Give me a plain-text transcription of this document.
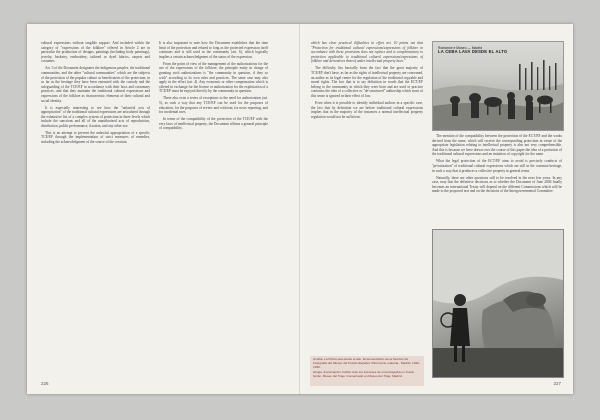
cultural expressions without tangible support. And included within the category of "expressions of the folklore" offered in Article 2 are in particular the production of designs, paintings (including body paintings), jewelry, basketry, embroidery, tailored or dyed fabrics, carpets and costumes.

Art. 3 of the Document designates the indigenous peoples, the traditional communities, and the other "cultural communities" which are the subjects of the protection of the popular culture as beneficiaries of the protection, in so far as the heritage they have been entrusted with the custody and the safeguarding of the TCE/EF in accordance with their laws and customary practices, and that they maintain the traditional cultural expressions and expressions of the folklore as characteristic elements of their cultural and social identity.

It is especially interesting to see how the "unlawful acts of appropriation" of the traditional cultural expressions are articulated through the exhaustive list of a complex system of protection in three levels which include the sanctions and all of the unauthorized acts of reproduction, distribution, public performance, fixation, and any other use.

This is an attempt to prevent the unlawful appropriation of a specific TCE/EF through the implementation of strict measures of remedies, including the acknowledgment of the source of the creation.

It is also important to note how the Document establishes that the time limit of the protection and related to long as the protected expression itself continues and is still used in the community (art. 6), which logically implies a certain acknowledgment of the status of the expression.

From the point of view of the management of the authorizations for the use of the expressions of the folklore, the principle entity in charge of granting such authorizations is "the community in question, if they so wish" according to its own rules and practices. The same case may also apply in the effort (art. 4). Any economic or other compensation which is offered in exchange for the license or authorization for the exploitation of a TCE/EF must be enjoyed directly by the community in question.

There also exist a series of exceptions to the need for authorization (art. 5), as such a way that any TCE/EF can be used for the purposes of education, for the purposes of review and criticism, for news reporting, and for incidental uses.

In terms of the compatibility of the protection of the TCE/EF with the very laws of intellectual property, the Document affirms a general principle of compatibility.

226

which has clear practical difficulties in effect art. 10 points out that "Protection for traditional cultural expressions/expressions of folklore in accordance with these provisions does not replace and is complementary to protection applicable to traditional cultural expressions/expressions of folklore and derivatives thereof under intellectual property laws."

The difficulty lies basically from the fact that the great majority of TCE/EF don't have, as far as the rights of intellectual property are concerned, an author as its legal centre for the regulation of the traditional copyable and moral rights. The fact that is to say definition in words that the ECT/EF belong to the community in which they were born and are used or practice conforms the idea of a collective or "de-structured" authorship which most of this sense is ignored in their effect of law.

Even when it is possible to identify individual authors in a specific case, the fact that by definition we are before traditional cultural expressions implies that in the majority of the instances a normal intellectual property regulation would not be sufficient.

Romance e Museo — Madrid
LA CEBA LAVA DESDE EL ALTO

The mention of the compatibility between the protection of the ECT/EF and the works derived from the same, which will receive the corresponding protection in virtue of the appropriate legislation relating to intellectual property is also not very comprehensible. And this is because we have drawn over the course of this paper the idea of a profusion of the traditional cultural expressions and an imitation of copyright for the same.

What the legal protection of the ECT/EF aims to avoid is precisely conducts of "privatization" of traditional cultural expressions which are still in the common heritage, in such a way that it produces a collective property in general terms.

Naturally, there are other questions still to be resolved in the next few years. In any case, may that the definitive decisions as to whether the Document of June 2006 finally becomes an international Treaty will depend on the different Commissions which will be made to the proposed text and on the decisions of the Intergovernmental Committee.

Amélia, La Peña Lara desde el alto. Documentación de la Sección de Fotografía del Museo del Pueblo Español. Patrimonio material - Madrid, 1920-1930.

Abuga, Encarnación Cubillo ante los intereses de una fotografía en Curdo ferrán. Museo del Traje. Conservado en Museo del Traje, Madrid.

227
